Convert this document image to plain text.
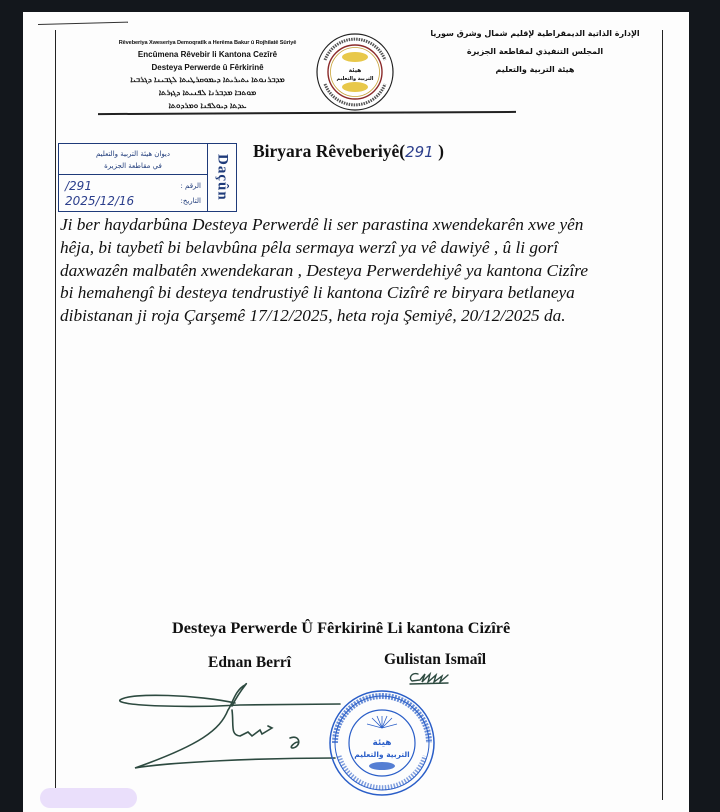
Rêveberiya Xweseriya Demoqratîk a Herêma Bakur û Rojhilatê Sûriyê
Encûmena Rêvebir li Kantona Cezîrê
Desteya Perwerde û Fêrkirinê
ܡܕܒܪܢܘܬܐ ܝܬܝܪܝܬܐ ܕܝܡܘܩܪܛܝܬܐ ܠܓܒܝܢܐ ܕܓܪܒܝܐ
ܡܘܬܒܐ ܡܕܒܪܢܐ ܠܦܢܝܬܐ ܕܓܙܪܬܐ
ܥܕܬܐ ܕܝܘܠܦܢܐ ܘܡܪܕܘܬܐ
هيئة
التربية والتعليم
الإدارة الذاتية الديمقراطية لإقليم شمال وشرق سوريا
المجلس التنفيذي لمقاطعة الجزيرة
هيئة التربية والتعليم
ديوان هيئة التربية والتعليم
في مقاطعة الجزيرة
الرقم :
/291
التاريخ:
2025/12/16	Daçûn
Biryara Rêveberiyê(291 )

Ji ber haydarbûna Desteya Perwerdê li ser parastina xwendekarên xwe yên

hêja, bi taybetî bi belavbûna pêla sermaya werzî ya vê dawiyê , û li gorî

daxwazên malbatên xwendekaran , Desteya Perwerdehiyê ya kantona Cizîre

bi hemahengî bi desteya tendrustiyê li kantona Cizîrê re biryara betlaneya

dibistanan ji roja Çarşemê 17/12/2025, heta roja Şemiyê, 20/12/2025 da.

Desteya Perwerde Û Fêrkirinê Li kantona Cizîrê
Ednan Berrî	Gulistan Ismaîl
هيئة
التربية والتعليم
